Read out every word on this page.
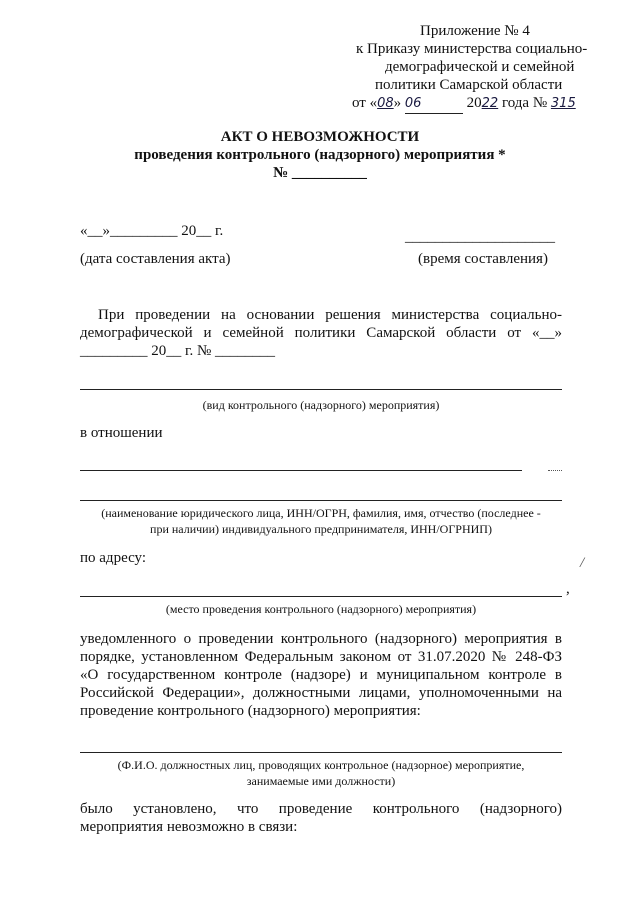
Приложение № 4
к Приказу министерства социально-
демографической и семейной
политики Самарской области
от «08» 06	2022 года № 315
АКТ О НЕВОЗМОЖНОСТИ
проведения контрольного (надзорного) мероприятия *
№ __________
«__»_________ 20__ г.	____________________
(дата составления акта)	(время составления)
При проведении на основании решения министерства социально-
демографической и семейной политики Самарской области от «__»
_________ 20__ г. № ________
(вид контрольного (надзорного) мероприятия)
в отношении
(наименование юридического лица, ИНН/ОГРН, фамилия, имя, отчество (последнее -
при наличии) индивидуального предпринимателя, ИНН/ОГРНИП)
по адресу:	/
,
(место проведения контрольного (надзорного) мероприятия)
уведомленного о проведении контрольного (надзорного) мероприятия в
порядке, установленном Федеральным законом от 31.07.2020 № 248-ФЗ
«О государственном контроле (надзоре) и муниципальном контроле в
Российской Федерации», должностными лицами, уполномоченными на
проведение контрольного (надзорного) мероприятия:
(Ф.И.О. должностных лиц, проводящих контрольное (надзорное) мероприятие,
занимаемые ими должности)
было установлено, что проведение контрольного (надзорного)
мероприятия невозможно в связи:
